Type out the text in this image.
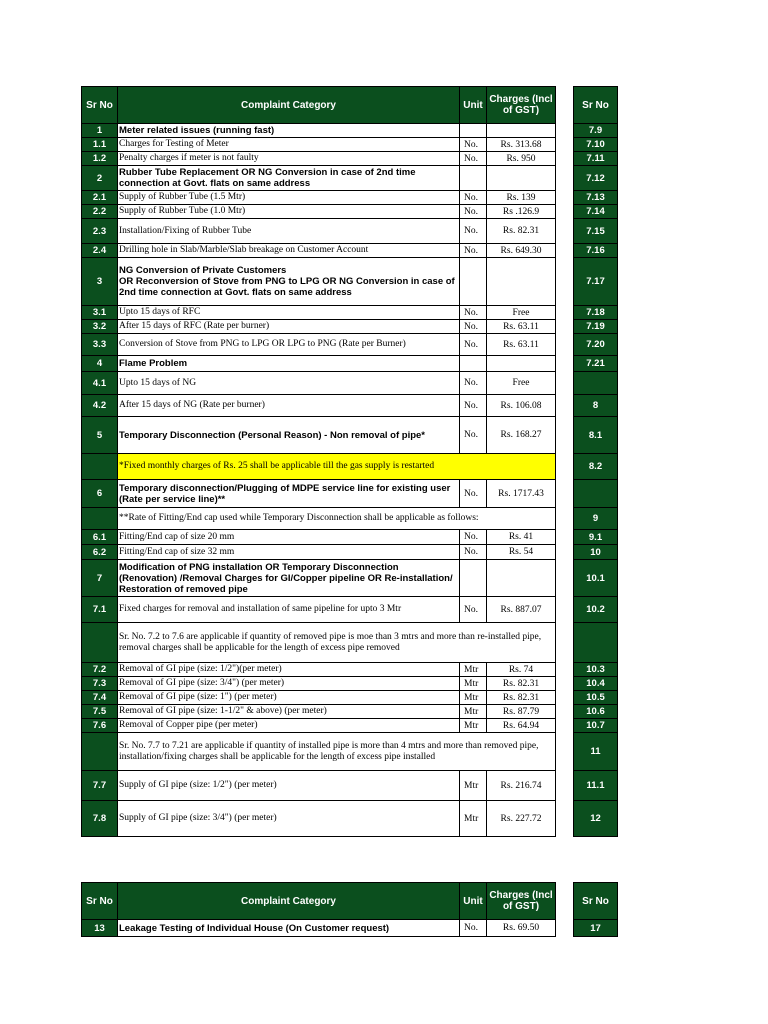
Sr No	Complaint Category	Unit	Charges (Incl of GST)
1	Meter related issues (running fast)		
1.1	Charges for Testing of Meter	No.	Rs. 313.68
1.2	Penalty charges if meter is not faulty	No.	Rs. 950
2	Rubber Tube Replacement OR NG Conversion in case of 2nd time connection at Govt. flats on same address		
2.1	Supply of Rubber Tube (1.5 Mtr)	No.	Rs. 139
2.2	Supply of Rubber Tube (1.0 Mtr)	No.	Rs .126.9
2.3	Installation/Fixing of Rubber Tube	No.	Rs. 82.31
2.4	Drilling hole in Slab/Marble/Slab breakage on Customer Account	No.	Rs. 649.30
3	NG Conversion of Private Customers
OR Reconversion of Stove from PNG to LPG OR NG Conversion in case of 2nd time connection at Govt. flats on same address		
3.1	Upto 15 days of RFC	No.	Free
3.2	After 15 days of RFC (Rate per burner)	No.	Rs. 63.11
3.3	Conversion of Stove from PNG to LPG OR LPG to PNG (Rate per Burner)	No.	Rs. 63.11
4	Flame Problem		
4.1	Upto 15 days of NG	No.	Free
4.2	After 15 days of NG (Rate per burner)	No.	Rs. 106.08
5	Temporary Disconnection (Personal Reason) - Non removal of pipe*	No.	Rs. 168.27
	*Fixed monthly charges of Rs. 25 shall be applicable till the gas supply is restarted		
6	Temporary disconnection/Plugging of MDPE service line for existing user (Rate per service line)**	No.	Rs. 1717.43
	**Rate of Fitting/End cap used while Temporary Disconnection shall be applicable as follows:		
6.1	Fitting/End cap of size 20 mm	No.	Rs. 41
6.2	Fitting/End cap of size 32 mm	No.	Rs. 54
7	Modification of PNG installation OR Temporary Disconnection (Renovation) /Removal Charges for GI/Copper pipeline OR Re-installation/ Restoration of removed pipe		
7.1	Fixed charges for removal and installation of same pipeline for upto 3 Mtr	No.	Rs. 887.07
	Sr. No. 7.2 to 7.6 are applicable if quantity of removed pipe is moe than 3 mtrs and more than re-installed pipe, removal charges shall be applicable for the length of excess pipe removed		
7.2	Removal of GI pipe (size: 1/2")(per meter)	Mtr	Rs. 74
7.3	Removal of GI pipe (size: 3/4") (per meter)	Mtr	Rs. 82.31
7.4	Removal of GI pipe (size: 1") (per meter)	Mtr	Rs. 82.31
7.5	Removal of GI pipe (size: 1-1/2" & above) (per meter)	Mtr	Rs. 87.79
7.6	Removal of Copper pipe (per meter)	Mtr	Rs. 64.94
	Sr. No. 7.7 to 7.21 are applicable if quantity of installed pipe is more than 4 mtrs and more than removed pipe, installation/fixing charges shall be applicable for the length of excess pipe installed		
7.7	Supply of GI pipe (size: 1/2") (per meter)	Mtr	Rs. 216.74
7.8	Supply of GI pipe (size: 3/4") (per meter)	Mtr	Rs. 227.72
Sr No
7.9
7.10
7.11
7.12
7.13
7.14
7.15
7.16
7.17
7.18
7.19
7.20
7.21

8
8.1
8.2

9
9.1
10
10.1
10.2

10.3
10.4
10.5
10.6
10.7
11
11.1
12
Sr No	Complaint Category	Unit	Charges (Incl of GST)
13	Leakage Testing of Individual House (On Customer request)	No.	Rs. 69.50
Sr No
17
